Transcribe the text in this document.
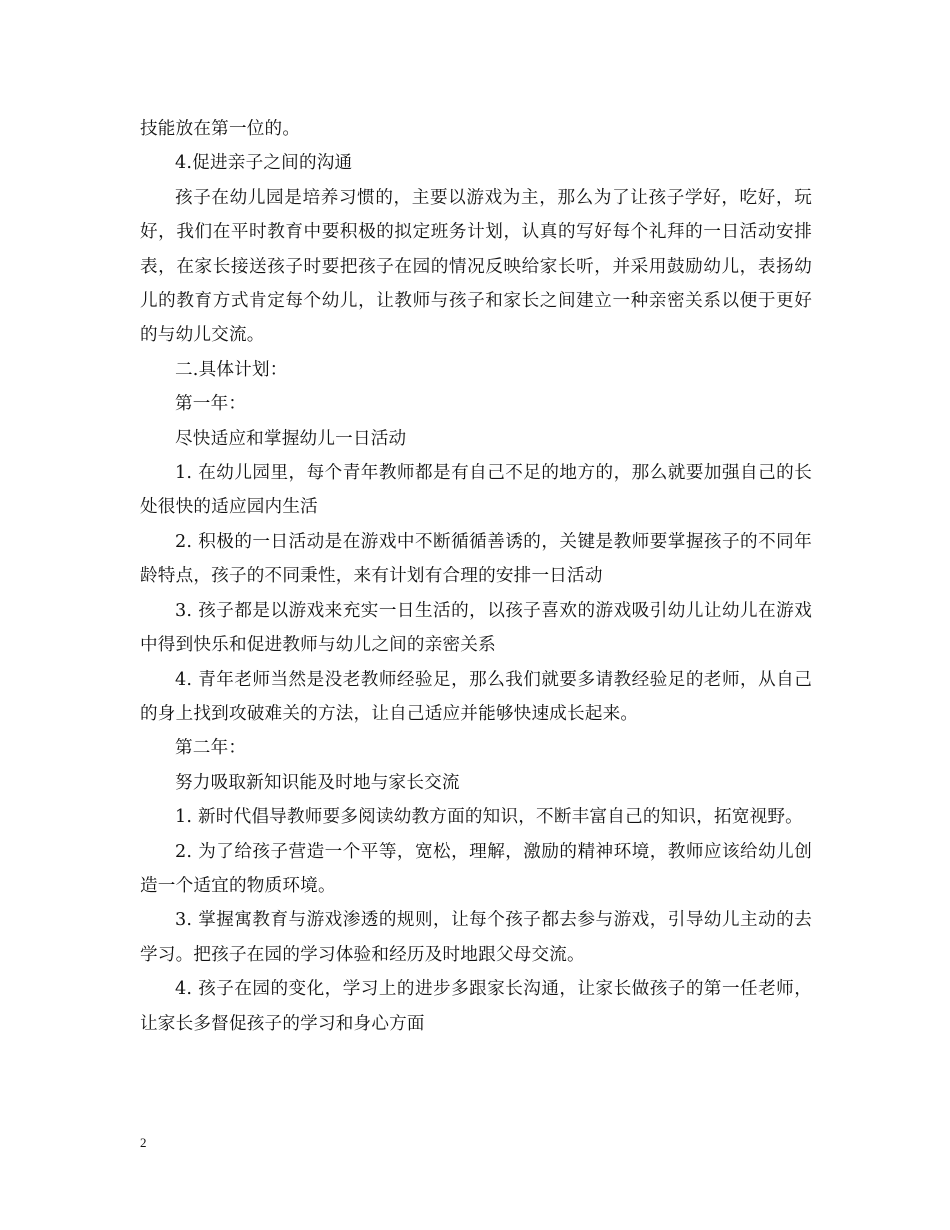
技能放在第一位的。

4.促进亲子之间的沟通

孩子在幼儿园是培养习惯的，主要以游戏为主，那么为了让孩子学好，吃好，玩好，我们在平时教育中要积极的拟定班务计划，认真的写好每个礼拜的一日活动安排表，在家长接送孩子时要把孩子在园的情况反映给家长听，并采用鼓励幼儿，表扬幼儿的教育方式肯定每个幼儿，让教师与孩子和家长之间建立一种亲密关系以便于更好的与幼儿交流。

二.具体计划：

第一年：

尽快适应和掌握幼儿一日活动

1. 在幼儿园里，每个青年教师都是有自己不足的地方的，那么就要加强自己的长处很快的适应园内生活

2. 积极的一日活动是在游戏中不断循循善诱的，关键是教师要掌握孩子的不同年龄特点，孩子的不同秉性，来有计划有合理的安排一日活动

3. 孩子都是以游戏来充实一日生活的，以孩子喜欢的游戏吸引幼儿让幼儿在游戏中得到快乐和促进教师与幼儿之间的亲密关系

4. 青年老师当然是没老教师经验足，那么我们就要多请教经验足的老师，从自己的身上找到攻破难关的方法，让自己适应并能够快速成长起来。

第二年：

努力吸取新知识能及时地与家长交流

1. 新时代倡导教师要多阅读幼教方面的知识，不断丰富自己的知识，拓宽视野。

2. 为了给孩子营造一个平等，宽松，理解，激励的精神环境，教师应该给幼儿创造一个适宜的物质环境。

3. 掌握寓教育与游戏渗透的规则，让每个孩子都去参与游戏，引导幼儿主动的去学习。把孩子在园的学习体验和经历及时地跟父母交流。

4. 孩子在园的变化，学习上的进步多跟家长沟通，让家长做孩子的第一任老师，让家长多督促孩子的学习和身心方面

2
